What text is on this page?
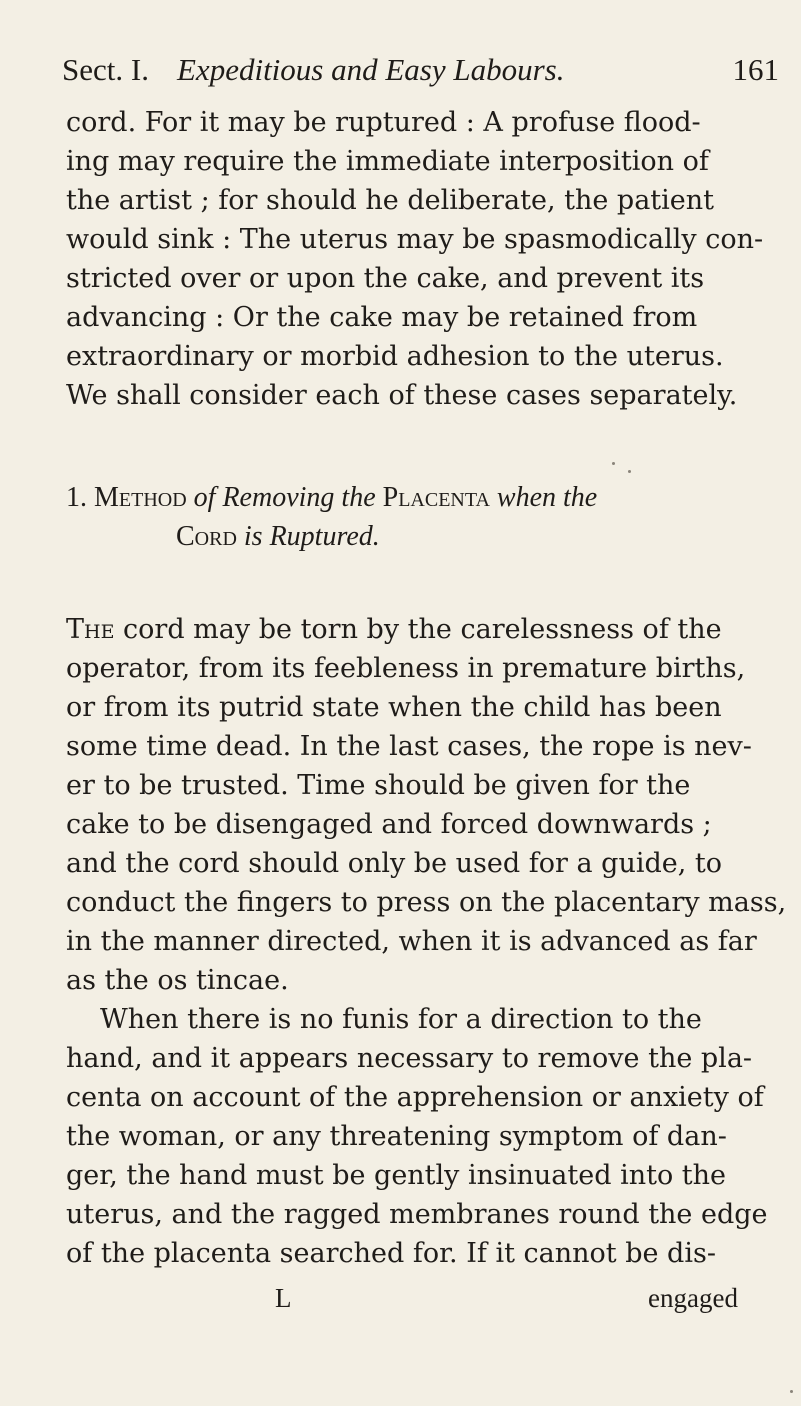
Sect. I. Expeditious and Easy Labours.	161
cord. For it may be ruptured : A profuse flood-
ing may require the immediate interposition of
the artist ; for should he deliberate, the patient
would sink : The uterus may be spasmodically con-
stricted over or upon the cake, and prevent its
advancing : Or the cake may be retained from
extraordinary or morbid adhesion to the uterus.
We shall consider each of these cases separately.
1. Method of Removing the Placenta when the
Cord is Ruptured.
The cord may be torn by the carelessness of the
operator, from its feebleness in premature births,
or from its putrid state when the child has been
some time dead. In the last cases, the rope is nev-
er to be trusted. Time should be given for the
cake to be disengaged and forced downwards ;
and the cord should only be used for a guide, to
conduct the fingers to press on the placentary mass,
in the manner directed, when it is advanced as far
as the os tincae.
When there is no funis for a direction to the
hand, and it appears necessary to remove the pla-
centa on account of the apprehension or anxiety of
the woman, or any threatening symptom of dan-
ger, the hand must be gently insinuated into the
uterus, and the ragged membranes round the edge
of the placenta searched for. If it cannot be dis-
L	engaged
